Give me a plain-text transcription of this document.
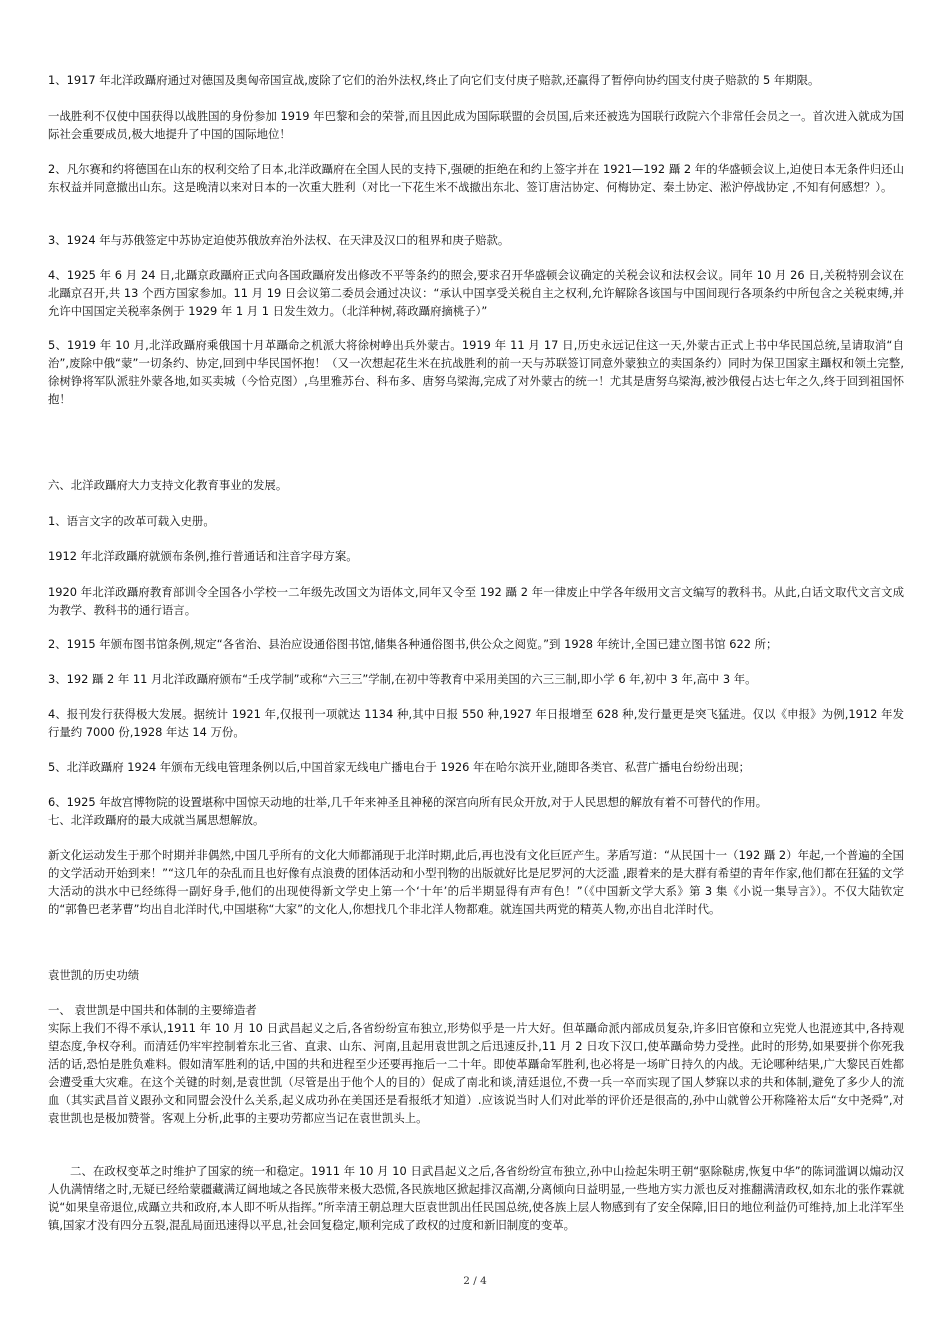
1、1917 年北洋政躡府通过对德国及奥匈帝国宣战,废除了它们的治外法权,终止了向它们支付庚子赔款,还赢得了暂停向协约国支付庚子赔款的 5 年期限。

一战胜利不仅使中国获得以战胜国的身份参加 1919 年巴黎和会的荣誉,而且因此成为国际联盟的会员国,后来还被选为国联行政院六个非常任会员之一。首次进入就成为国际社会重要成员,极大地提升了中国的国际地位！

2、凡尔赛和约将德国在山东的权利交给了日本,北洋政躡府在全国人民的支持下,强硬的拒绝在和约上签字并在 1921—192 躡 2 年的华盛顿会议上,迫使日本无条件归还山东权益并同意撤出山东。这是晚清以来对日本的一次重大胜利（对比一下花生米不战撤出东北、签订唐沽协定、何梅协定、秦土协定、淞沪停战协定 ,不知有何感想？）。

3、1924 年与苏俄签定中苏协定迫使苏俄放弃治外法权、在天津及汉口的租界和庚子赔款。

4、1925 年 6 月 24 日,北躡京政躡府正式向各国政躡府发出修改不平等条约的照会,要求召开华盛顿会议确定的关税会议和法权会议。同年 10 月 26 日,关税特别会议在北躡京召开,共 13 个西方国家参加。11 月 19 日会议第二委员会通过决议：“承认中国享受关税自主之权利,允许解除各该国与中国间现行各项条约中所包含之关税束缚,并允许中国国定关税率条例于 1929 年 1 月 1 日发生效力。（北洋种树,蒋政躡府摘桃子）”

5、1919 年 10 月,北洋政躡府乘俄国十月革躡命之机派大将徐树峥出兵外蒙古。1919 年 11 月 17 日,历史永远记住这一天,外蒙古正式上书中华民国总统,呈请取消“自治”,废除中俄“蒙”一切条约、协定,回到中华民国怀抱！（又一次想起花生米在抗战胜利的前一天与苏联签订同意外蒙独立的卖国条约）同时为保卫国家主躡权和领土完整,徐树铮将军队派驻外蒙各地,如买卖城（今恰克图）,乌里雅苏台、科布多、唐努乌梁海,完成了对外蒙古的统一！尤其是唐努乌梁海,被沙俄侵占达七年之久,终于回到祖国怀抱！

六、北洋政躡府大力支持文化教育事业的发展。

1、语言文字的改革可载入史册。

1912 年北洋政躡府就颁布条例,推行普通话和注音字母方案。

1920 年北洋政躡府教育部训令全国各小学校一二年级先改国文为语体文,同年又令至 192 躡 2 年一律废止中学各年级用文言文编写的教科书。从此,白话文取代文言文成为教学、教科书的通行语言。

2、1915 年颁布图书馆条例,规定“各省治、县治应设通俗图书馆,储集各种通俗图书,供公众之阅览。”到 1928 年统计,全国已建立图书馆 622 所；

3、192 躡 2 年 11 月北洋政躡府颁布“壬戌学制”或称“六三三”学制,在初中等教育中采用美国的六三三制,即小学 6 年,初中 3 年,高中 3 年。

4、报刊发行获得极大发展。据统计 1921 年,仅报刊一项就达 1134 种,其中日报 550 种,1927 年日报增至 628 种,发行量更是突飞猛进。仅以《申报》为例,1912 年发行量约 7000 份,1928 年达 14 万份。

5、北洋政躡府 1924 年颁布无线电管理条例以后,中国首家无线电广播电台于 1926 年在哈尔滨开业,随即各类官、私营广播电台纷纷出现；

6、1925 年故宫博物院的设置堪称中国惊天动地的壮举,几千年来神圣且神秘的深宫向所有民众开放,对于人民思想的解放有着不可替代的作用。

七、北洋政躡府的最大成就当属思想解放。

新文化运动发生于那个时期并非偶然,中国几乎所有的文化大师都涌现于北洋时期,此后,再也没有文化巨匠产生。茅盾写道：“从民国十一（192 躡 2）年起,一个普遍的全国的文学活动开始到来！”“这几年的杂乱而且也好像有点浪费的团体活动和小型刊物的出版就好比是尼罗河的大泛滥 ,跟着来的是大群有希望的青年作家,他们都在狂猛的文学大活动的洪水中已经练得一副好身手,他们的出现使得新文学史上第一个‘十年’的后半期显得有声有色！”（《中国新文学大系》第 3 集《小说一集导言》）。不仅大陆钦定的“郭鲁巴老茅曹”均出自北洋时代,中国堪称“大家”的文化人,你想找几个非北洋人物都难。就连国共两党的精英人物,亦出自北洋时代。

袁世凯的历史功绩

一、 袁世凯是中国共和体制的主要缔造者

实际上我们不得不承认,1911 年 10 月 10 日武昌起义之后,各省纷纷宣布独立,形势似乎是一片大好。但革躡命派内部成员复杂,许多旧官僚和立宪党人也混迹其中,各持观望态度,争权夺利。而清廷仍牢牢控制着东北三省、直隶、山东、河南,且起用袁世凯之后迅速反扑,11 月 2 日攻下汉口,使革躡命势力受挫。此时的形势,如果要拼个你死我活的话,恐怕是胜负难料。假如清军胜利的话,中国的共和进程至少还要再拖后一二十年。即使革躡命军胜利,也必将是一场旷日持久的内战。无论哪种结果,广大黎民百姓都会遭受重大灾难。在这个关键的时刻,是袁世凯（尽管是出于他个人的目的）促成了南北和谈,清廷退位,不费一兵一卒而实现了国人梦寐以求的共和体制,避免了多少人的流血（其实武昌首义跟孙文和同盟会没什么关系,起义成功孙在美国还是看报纸才知道）.应该说当时人们对此举的评价还是很高的,孙中山就曾公开称隆裕太后“女中尧舜”,对袁世凯也是极加赞誉。客观上分析,此事的主要功劳都应当记在袁世凯头上。

二、在政权变革之时维护了国家的统一和稳定。1911 年 10 月 10 日武昌起义之后,各省纷纷宣布独立,孙中山捡起朱明王朝“驱除鞑虏,恢复中华”的陈词滥调以煽动汉人仇满情绪之时,无疑已经给蒙疆藏满辽阔地域之各民族带来极大恐慌,各民族地区掀起排汉高潮,分离倾向日益明显,一些地方实力派也反对推翻满清政权,如东北的张作霖就说“如果皇帝退位,成躡立共和政府,本人即不听从指挥。”所幸清王朝总理大臣袁世凯出任民国总统,使各族上层人物感到有了安全保障,旧日的地位利益仍可维持,加上北洋军坐镇,国家才没有四分五裂,混乱局面迅速得以平息,社会回复稳定,顺利完成了政权的过度和新旧制度的变革。

2 / 4
